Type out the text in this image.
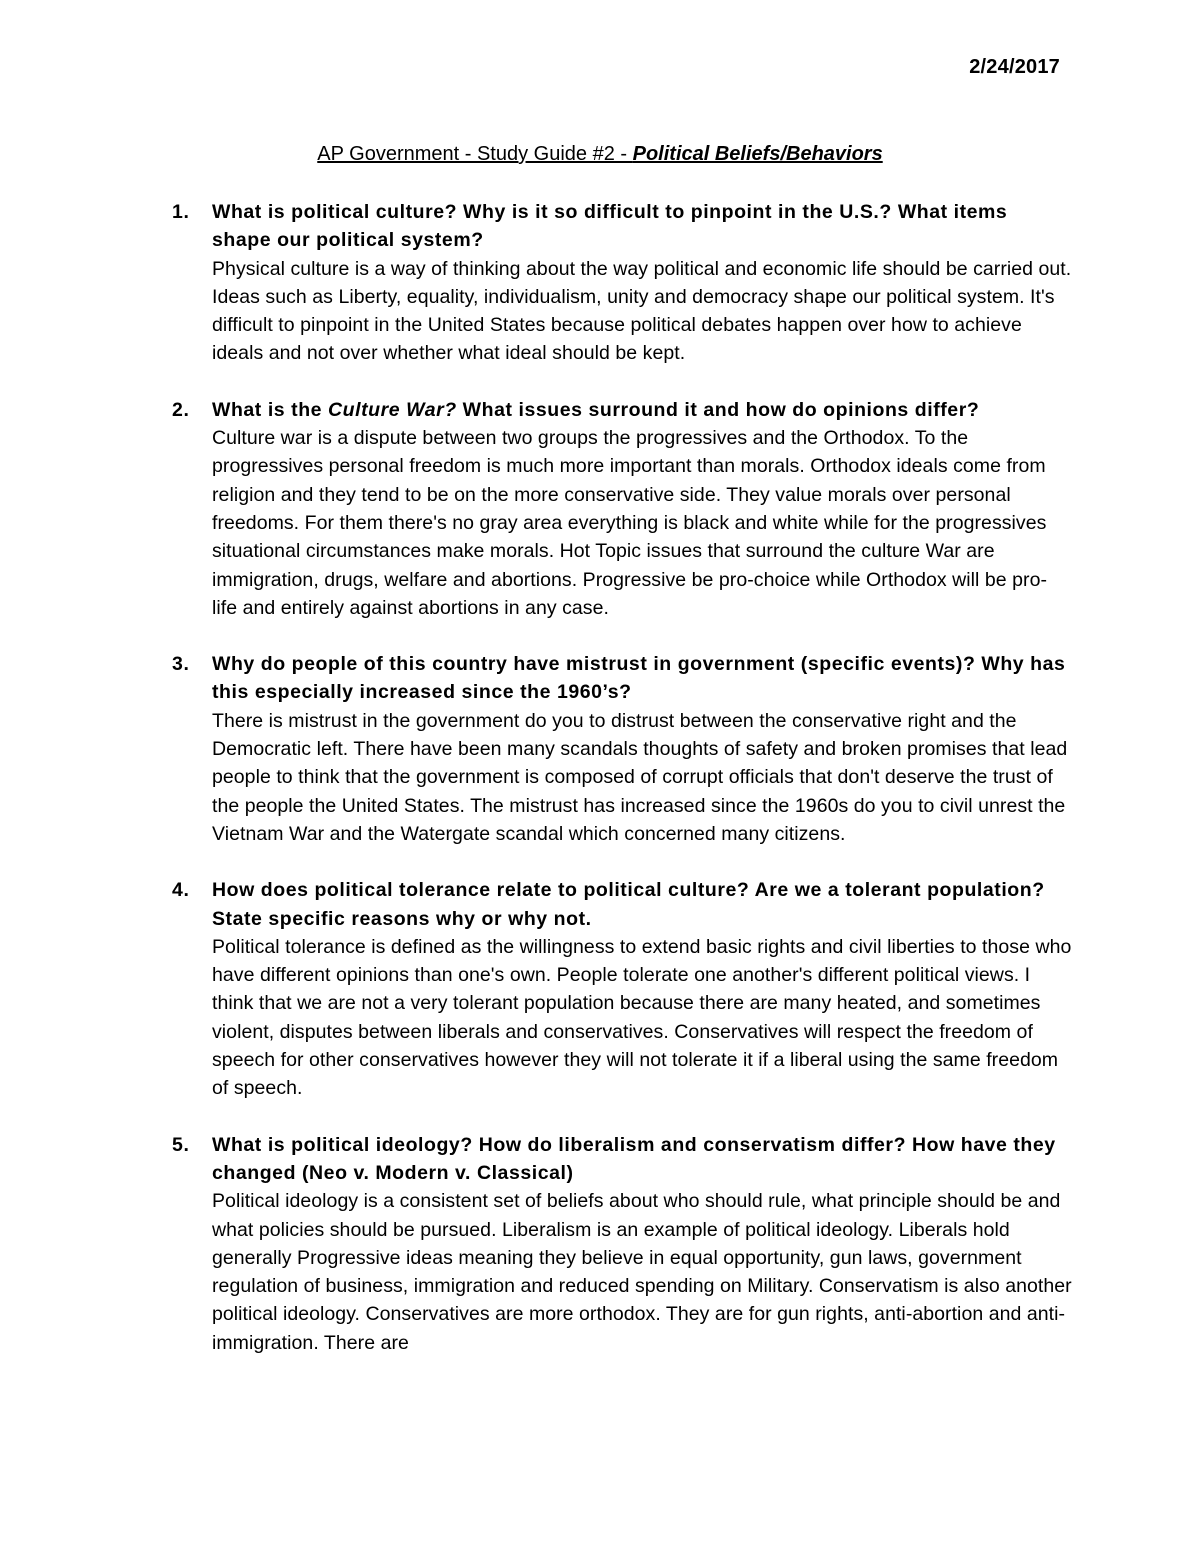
2/24/2017
AP Government - Study Guide #2 - Political Beliefs/Behaviors
1. What is political culture? Why is it so difficult to pinpoint in the U.S.? What items shape our political system?

Physical culture is a way of thinking about the way political and economic life should be carried out. Ideas such as Liberty, equality, individualism, unity and democracy shape our political system. It's difficult to pinpoint in the United States because political debates happen over how to achieve ideals and not over whether what ideal should be kept.

2. What is the Culture War? What issues surround it and how do opinions differ?

Culture war is a dispute between two groups the progressives and the Orthodox. To the progressives personal freedom is much more important than morals. Orthodox ideals come from religion and they tend to be on the more conservative side. They value morals over personal freedoms. For them there's no gray area everything is black and white while for the progressives situational circumstances make morals. Hot Topic issues that surround the culture War are immigration, drugs, welfare and abortions. Progressive be pro-choice while Orthodox will be pro-life and entirely against abortions in any case.

3. Why do people of this country have mistrust in government (specific events)? Why has this especially increased since the 1960’s?

There is mistrust in the government do you to distrust between the conservative right and the Democratic left. There have been many scandals thoughts of safety and broken promises that lead people to think that the government is composed of corrupt officials that don't deserve the trust of the people the United States. The mistrust has increased since the 1960s do you to civil unrest the Vietnam War and the Watergate scandal which concerned many citizens.

4. How does political tolerance relate to political culture? Are we a tolerant population? State specific reasons why or why not.

Political tolerance is defined as the willingness to extend basic rights and civil liberties to those who have different opinions than one's own. People tolerate one another's different political views. I think that we are not a very tolerant population because there are many heated, and sometimes violent, disputes between liberals and conservatives. Conservatives will respect the freedom of speech for other conservatives however they will not tolerate it if a liberal using the same freedom of speech.

5. What is political ideology? How do liberalism and conservatism differ? How have they changed (Neo v. Modern v. Classical)

Political ideology is a consistent set of beliefs about who should rule, what principle should be and what policies should be pursued. Liberalism is an example of political ideology. Liberals hold generally Progressive ideas meaning they believe in equal opportunity, gun laws, government regulation of business, immigration and reduced spending on Military. Conservatism is also another political ideology. Conservatives are more orthodox. They are for gun rights, anti-abortion and anti-immigration. There are
